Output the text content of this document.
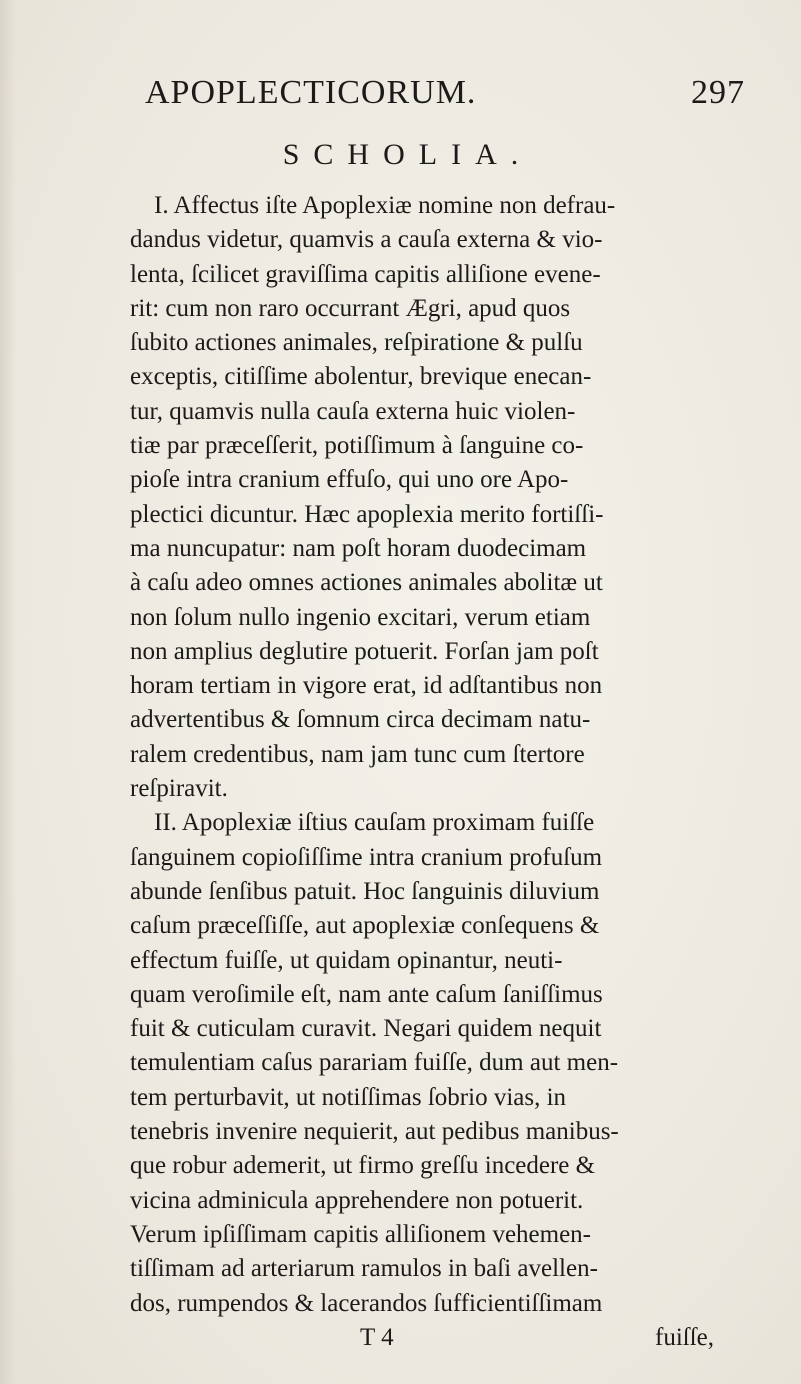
APOPLECTICORUM.	297
SCHOLIA.
I. Affectus iſte Apoplexiæ nomine non defrau-
dandus videtur, quamvis a cauſa externa & vio-
lenta, ſcilicet graviſſima capitis alliſione evene-
rit: cum non raro occurrant Ægri, apud quos
ſubito actiones animales, reſpiratione & pulſu
exceptis, citiſſime abolentur, brevique enecan-
tur, quamvis nulla cauſa externa huic violen-
tiæ par præceſſerit, potiſſimum à ſanguine co-
pioſe intra cranium effuſo, qui uno ore Apo-
plectici dicuntur. Hæc apoplexia merito fortiſſi-
ma nuncupatur: nam poſt horam duodecimam
à caſu adeo omnes actiones animales abolitæ ut
non ſolum nullo ingenio excitari, verum etiam
non amplius deglutire potuerit. Forſan jam poſt
horam tertiam in vigore erat, id adſtantibus non
advertentibus & ſomnum circa decimam natu-
ralem credentibus, nam jam tunc cum ſtertore
reſpiravit.
II. Apoplexiæ iſtius cauſam proximam fuiſſe
ſanguinem copioſiſſime intra cranium profuſum
abunde ſenſibus patuit. Hoc ſanguinis diluvium
caſum præceſſiſſe, aut apoplexiæ conſequens &
effectum fuiſſe, ut quidam opinantur, neuti-
quam veroſimile eſt, nam ante caſum ſaniſſimus
fuit & cuticulam curavit. Negari quidem nequit
temulentiam caſus parariam fuiſſe, dum aut men-
tem perturbavit, ut notiſſimas ſobrio vias, in
tenebris invenire nequierit, aut pedibus manibus-
que robur ademerit, ut firmo greſſu incedere &
vicina adminicula apprehendere non potuerit.
Verum ipſiſſimam capitis alliſionem vehemen-
tiſſimam ad arteriarum ramulos in baſi avellen-
dos, rumpendos & lacerandos ſufficientiſſimam
T 4	fuiſſe,
